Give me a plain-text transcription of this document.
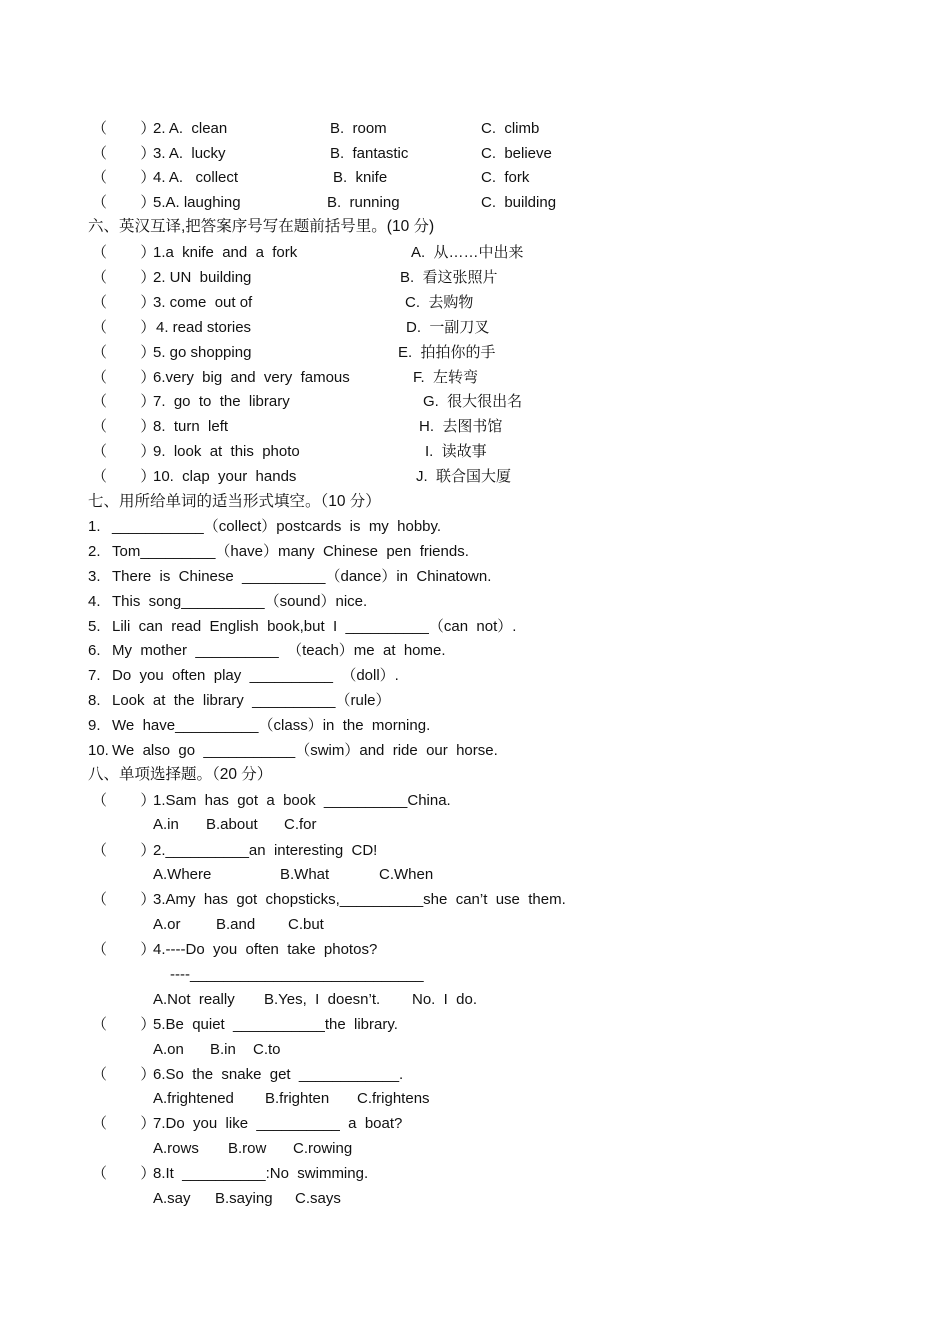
（        ）
2. A.  clean	B.  room	C.  climb
（        ）
3. A.  lucky	B.  fantastic	C.  believe
（        ）
4. A.   collect	B.  knife	C.  fork
（        ）
5.A. laughing	B.  running	C.  building
六、英汉互译,把答案序号写在题前括号里。(10 分)
（        ）
1.a  knife  and  a  fork	A.  从……中出来
（        ）
2. UN  building	B.  看这张照片
（        ）
3. come  out of	C.  去购物
（        ） 4. read stories	D.  一副刀叉
（        ）
5. go shopping	E.  拍拍你的手
（        ）
6.very  big  and  very  famous	F.  左转弯
（        ）
7.  go  to  the  library	G.  很大很出名
（        ）
8.  turn  left	H.  去图书馆
（        ）
9.  look  at  this  photo	I.  读故事
（        ）
10.  clap  your  hands	J.  联合国大厦
七、用所给单词的适当形式填空。（10 分）
1. ___________（collect）postcards  is  my  hobby.
2. Tom_________（have）many  Chinese  pen  friends.
3. There  is  Chinese  __________（dance）in  Chinatown.
4. This  song__________（sound）nice.
5. Lili  can  read  English  book,but  I  __________（can  not）.
6. My  mother  __________  （teach）me  at  home.
7. Do  you  often  play  __________  （doll）.
8. Look  at  the  library  __________（rule）
9. We  have__________（class）in  the  morning.
10. We  also  go  ___________（swim）and  ride  our  horse.
八、单项选择题。（20 分）
（        ）
1.Sam  has  got  a  book  __________China.
A.in B.about C.for
（        ）
2.__________an  interesting  CD!
A.Where	B.What	C.When
（        ）
3.Amy  has  got  chopsticks,__________she  can’t  use  them.
A.or B.and C.but
（        ）
4.----Do  you  often  take  photos?
----____________________________
A.Not  really B.Yes,  I  doesn’t. No.  I  do.
（        ）
5.Be  quiet  ___________the  library.
A.on B.in C.to
（        ）
6.So  the  snake  get  ____________.
A.frightened B.frighten C.frightens
（        ）
7.Do  you  like  __________  a  boat?
A.rows B.row C.rowing
（        ）
8.It  __________:No  swimming.
A.say B.saying C.says
